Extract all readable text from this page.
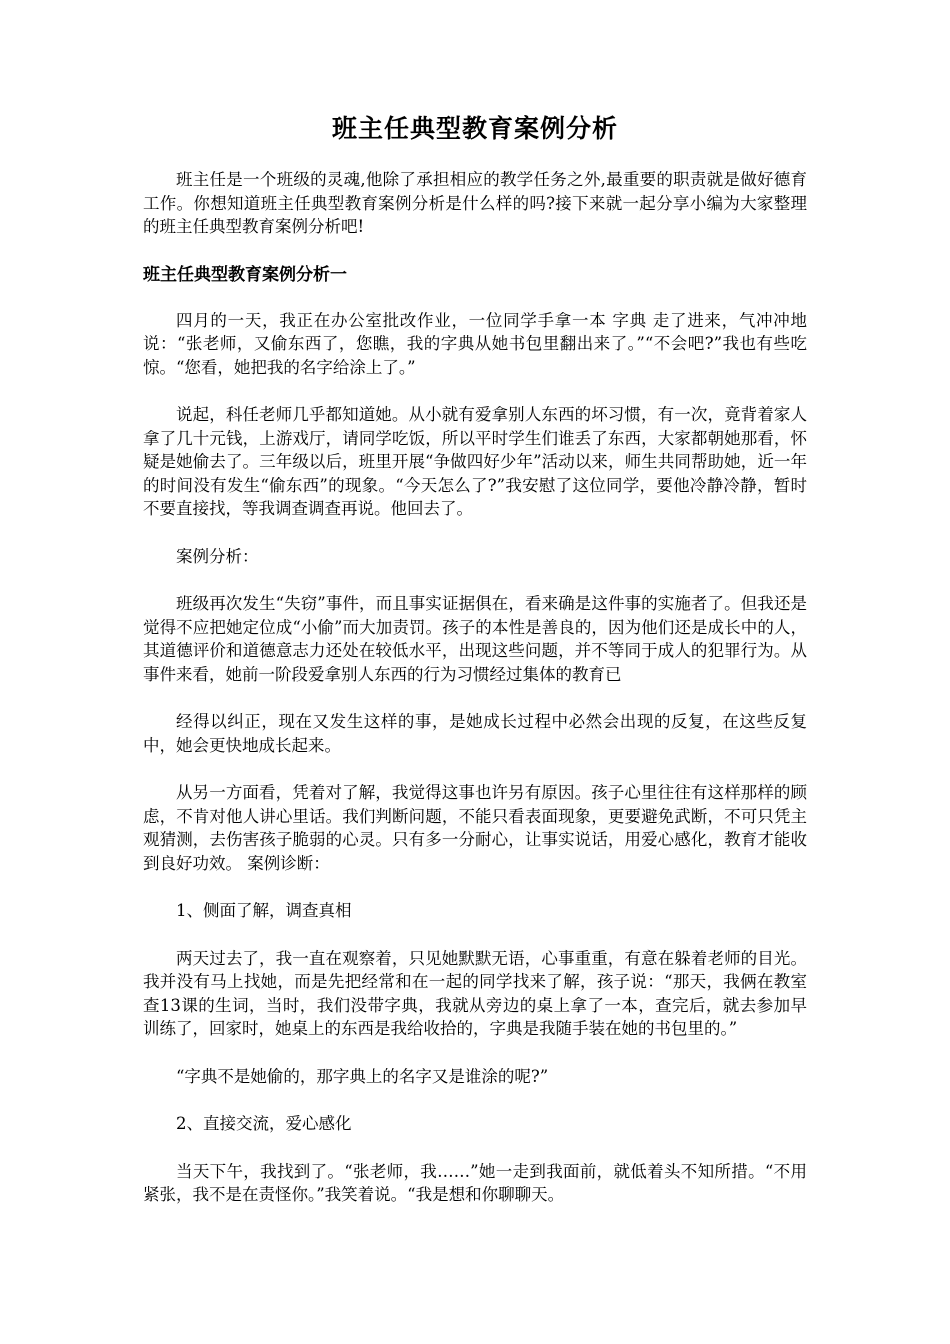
班主任典型教育案例分析

班主任是一个班级的灵魂,他除了承担相应的教学任务之外,最重要的职责就是做好德育工作。你想知道班主任典型教育案例分析是什么样的吗?接下来就一起分享小编为大家整理的班主任典型教育案例分析吧!

班主任典型教育案例分析一

四月的一天，我正在办公室批改作业，一位同学手拿一本 字典 走了进来，气冲冲地说：“张老师，又偷东西了，您瞧，我的字典从她书包里翻出来了。”“不会吧?”我也有些吃惊。“您看，她把我的名字给涂上了。”

说起，科任老师几乎都知道她。从小就有爱拿别人东西的坏习惯，有一次，竟背着家人拿了几十元钱，上游戏厅，请同学吃饭，所以平时学生们谁丢了东西，大家都朝她那看，怀疑是她偷去了。三年级以后，班里开展“争做四好少年”活动以来，师生共同帮助她，近一年的时间没有发生“偷东西”的现象。“今天怎么了?”我安慰了这位同学，要他冷静冷静，暂时不要直接找，等我调查调查再说。他回去了。

案例分析：

班级再次发生“失窃”事件，而且事实证据俱在，看来确是这件事的实施者了。但我还是觉得不应把她定位成“小偷”而大加责罚。孩子的本性是善良的，因为他们还是成长中的人，其道德评价和道德意志力还处在较低水平，出现这些问题，并不等同于成人的犯罪行为。从事件来看，她前一阶段爱拿别人东西的行为习惯经过集体的教育已

经得以纠正，现在又发生这样的事，是她成长过程中必然会出现的反复，在这些反复中，她会更快地成长起来。

从另一方面看，凭着对了解，我觉得这事也许另有原因。孩子心里往往有这样那样的顾虑，不肯对他人讲心里话。我们判断问题，不能只看表面现象，更要避免武断，不可只凭主观猜测，去伤害孩子脆弱的心灵。只有多一分耐心，让事实说话，用爱心感化，教育才能收到良好功效。 案例诊断：

1、侧面了解，调查真相

两天过去了，我一直在观察着，只见她默默无语，心事重重，有意在躲着老师的目光。我并没有马上找她，而是先把经常和在一起的同学找来了解，孩子说：“那天，我俩在教室查13课的生词，当时，我们没带字典，我就从旁边的桌上拿了一本，查完后，就去参加早训练了，回家时，她桌上的东西是我给收拾的，字典是我随手装在她的书包里的。”

“字典不是她偷的，那字典上的名字又是谁涂的呢?”

2、直接交流，爱心感化

当天下午，我找到了。“张老师，我……”她一走到我面前，就低着头不知所措。“不用紧张，我不是在责怪你。”我笑着说。“我是想和你聊聊天。
